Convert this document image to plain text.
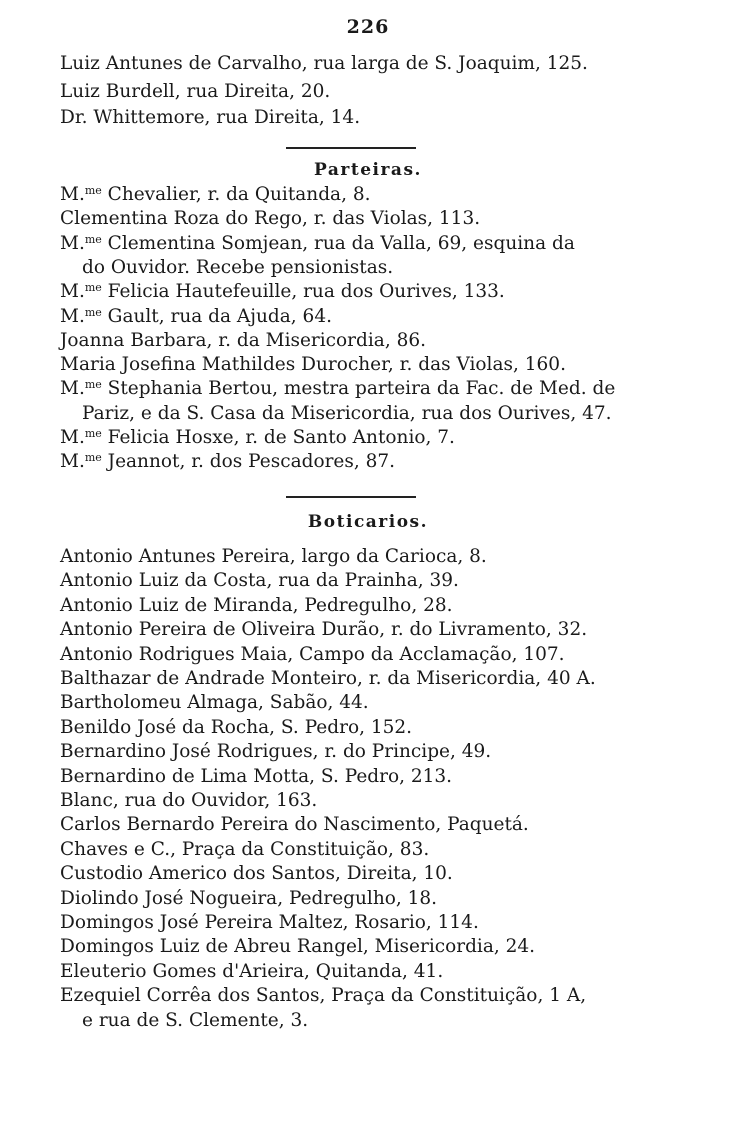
226
Luiz Antunes de Carvalho, rua larga de S. Joaquim, 125.
Luiz Burdell, rua Direita, 20.
Dr. Whittemore, rua Direita, 14.
Parteiras.
M.$^{me}$ Chevalier, r. da Quitanda, 8.
Clementina Roza do Rego, r. das Violas, 113.
M.$^{me}$ Clementina Somjean, rua da Valla, 69, esquina da
do Ouvidor. Recebe pensionistas.
M.$^{me}$ Felicia Hautefeuille, rua dos Ourives, 133.
M.$^{me}$ Gault, rua da Ajuda, 64.
Joanna Barbara, r. da Misericordia, 86.
Maria Josefina Mathildes Durocher, r. das Violas, 160.
M.$^{me}$ Stephania Bertou, mestra parteira da Fac. de Med. de
Pariz, e da S. Casa da Misericordia, rua dos Ourives, 47.
M.$^{me}$ Felicia Hosxe, r. de Santo Antonio, 7.
M.$^{me}$ Jeannot, r. dos Pescadores, 87.
Boticarios.
Antonio Antunes Pereira, largo da Carioca, 8.
Antonio Luiz da Costa, rua da Prainha, 39.
Antonio Luiz de Miranda, Pedregulho, 28.
Antonio Pereira de Oliveira Durão, r. do Livramento, 32.
Antonio Rodrigues Maia, Campo da Acclamação, 107.
Balthazar de Andrade Monteiro, r. da Misericordia, 40 A.
Bartholomeu Almaga, Sabão, 44.
Benildo José da Rocha, S. Pedro, 152.
Bernardino José Rodrigues, r. do Principe, 49.
Bernardino de Lima Motta, S. Pedro, 213.
Blanc, rua do Ouvidor, 163.
Carlos Bernardo Pereira do Nascimento, Paquetá.
Chaves e C., Praça da Constituição, 83.
Custodio Americo dos Santos, Direita, 10.
Diolindo José Nogueira, Pedregulho, 18.
Domingos José Pereira Maltez, Rosario, 114.
Domingos Luiz de Abreu Rangel, Misericordia, 24.
Eleuterio Gomes d'Arieira, Quitanda, 41.
Ezequiel Corrêa dos Santos, Praça da Constituição, 1 A,
e rua de S. Clemente, 3.
